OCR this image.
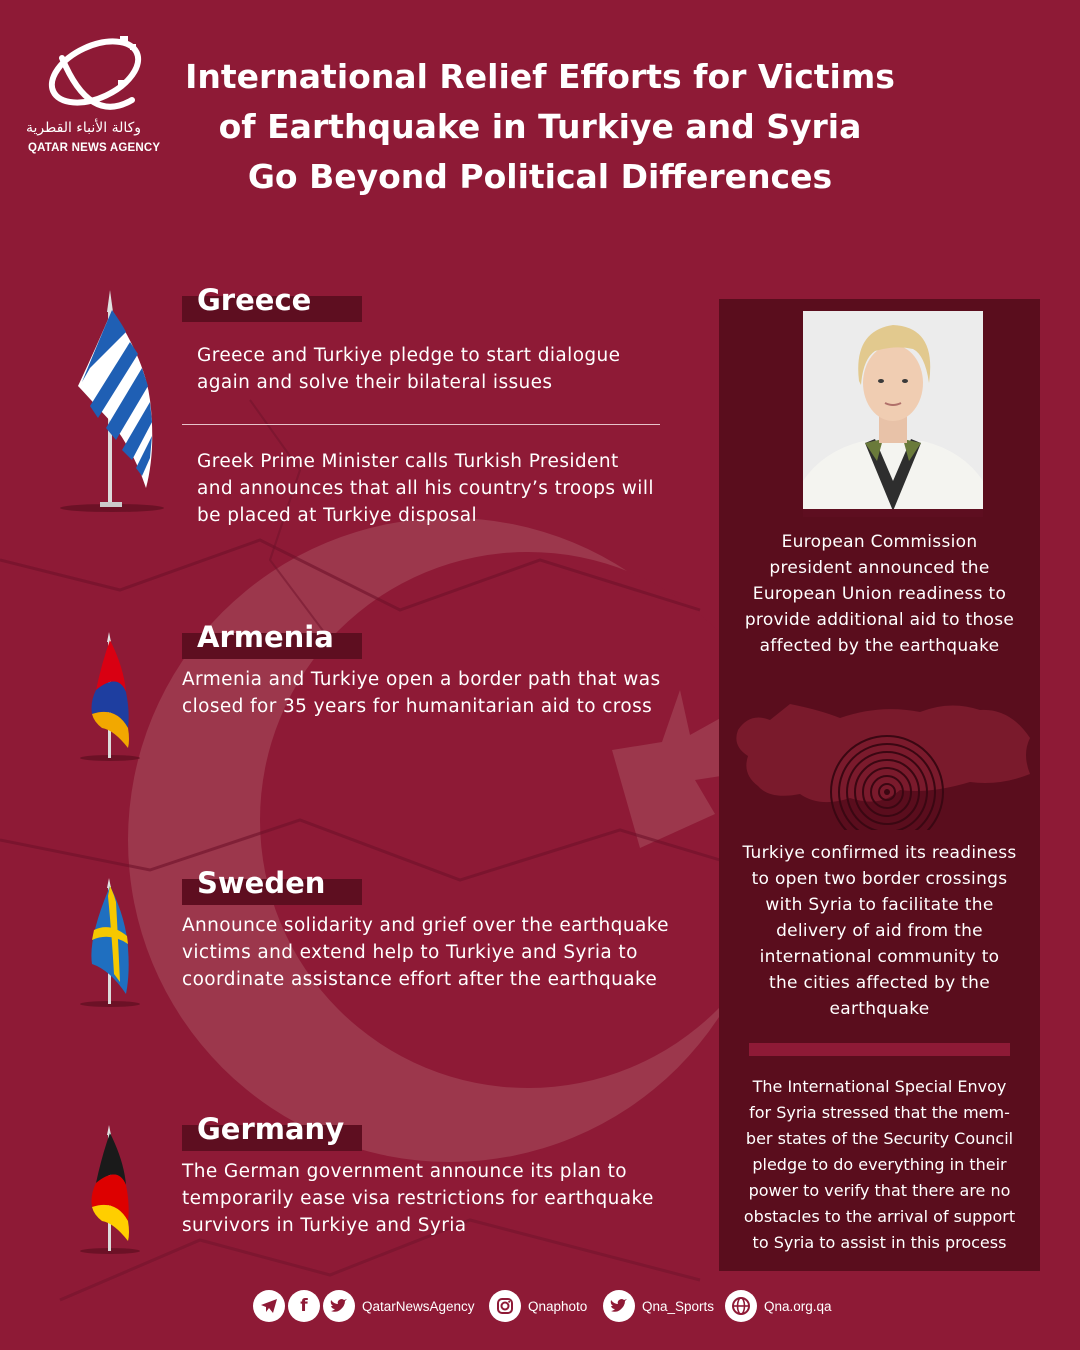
وكالة الأنباء القطرية
QATAR NEWS AGENCY
International Relief Efforts for Victims
of Earthquake in Turkiye and Syria
Go Beyond Political Differences
Greece
Greece and Turkiye pledge to start dialogue
again and solve their bilateral issues
Greek Prime Minister calls Turkish President
and announces that all his country’s troops will
be placed at Turkiye disposal
Armenia
Armenia and Turkiye open a border path that was
closed for 35 years for humanitarian aid to cross
Sweden
Announce solidarity and grief over the earthquake
victims and extend help to Turkiye and Syria to
coordinate assistance effort after the earthquake
Germany
The German government announce its plan to
temporarily ease visa restrictions for earthquake
survivors in Turkiye and Syria
European Commission
president announced the
European Union readiness to
provide additional aid to those
affected by the earthquake
Turkiye confirmed its readiness
to open two border crossings
with Syria to facilitate the
delivery of aid from the
international community to
the cities affected by the
earthquake
The International Special Envoy
for Syria stressed that the mem-
ber states of the Security Council
pledge to do everything in their
power to verify that there are no
obstacles to the arrival of support
to Syria to assist in this process
f	QatarNewsAgency	Qnaphoto	Qna_Sports	Qna.org.qa
